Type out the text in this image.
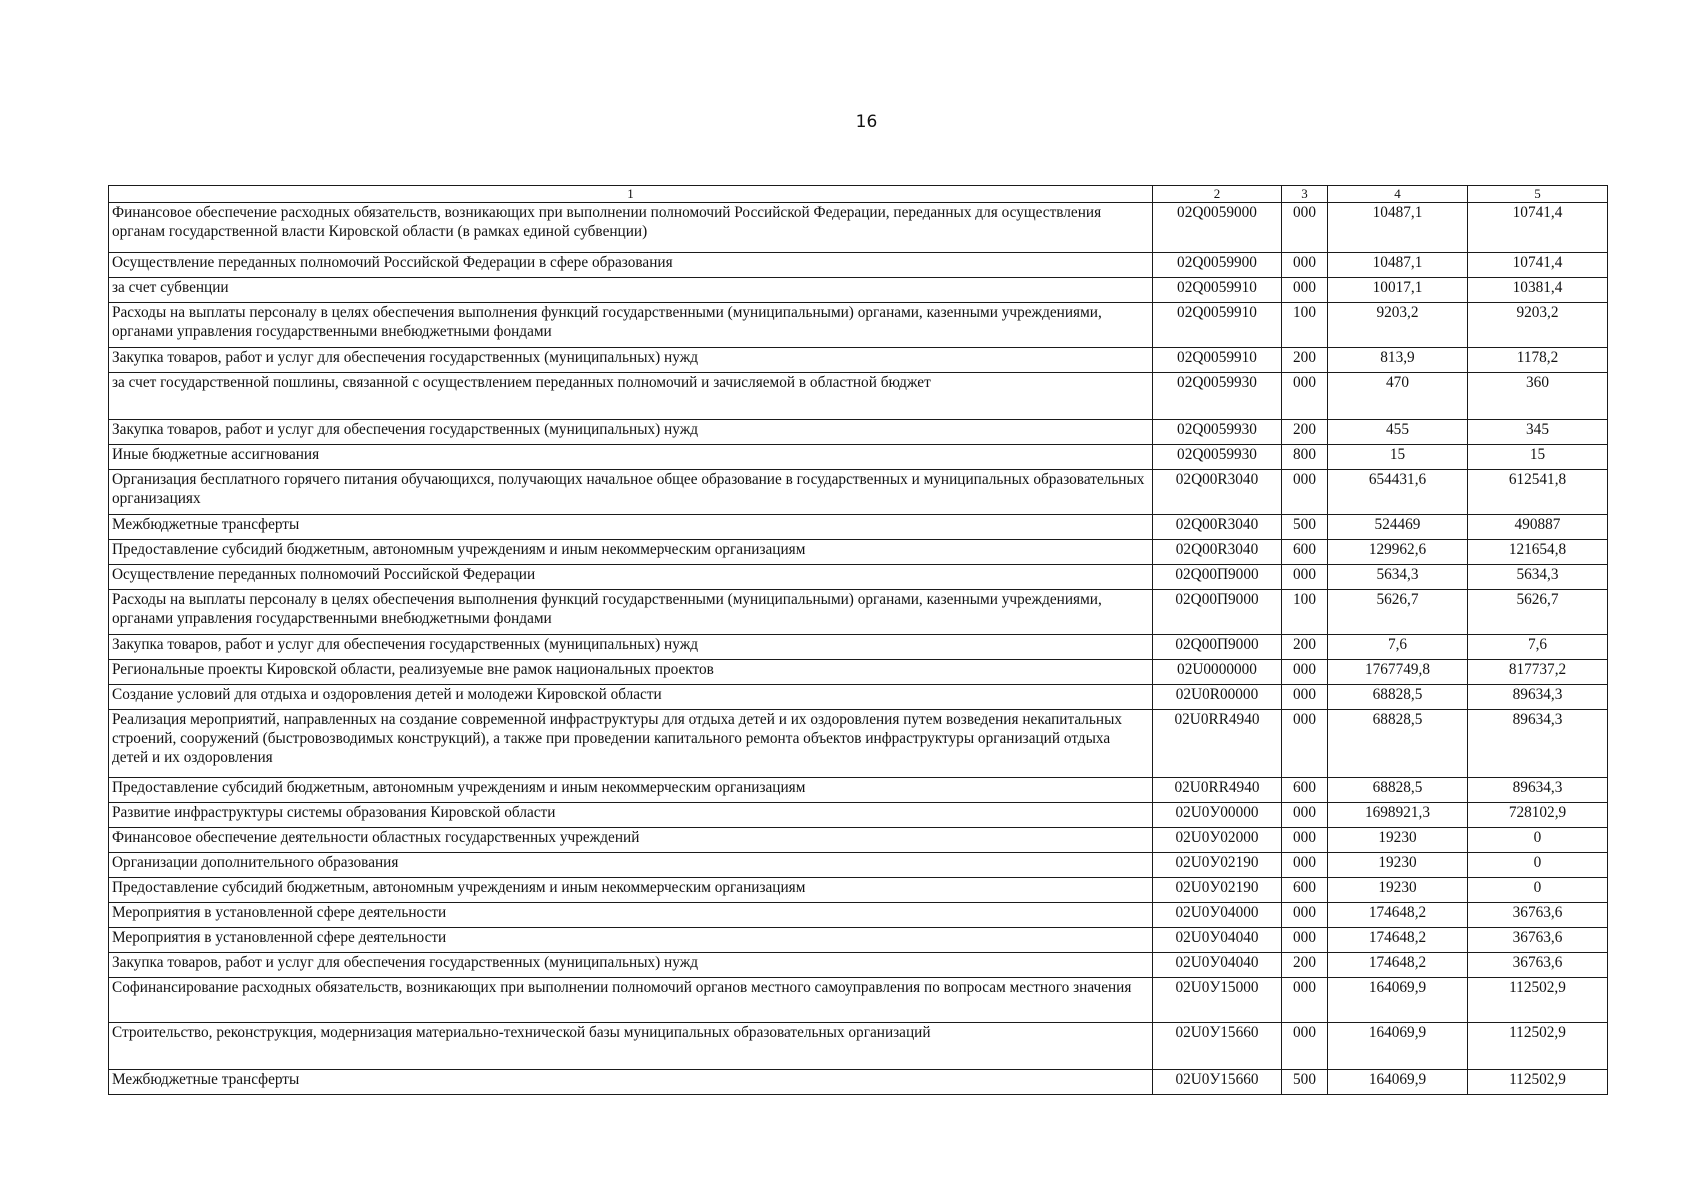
16
1	2	3	4	5
Финансовое обеспечение расходных обязательств, возникающих при выполнении полномочий Российской Федерации, переданных для осуществления органам государственной власти Кировской области (в рамках единой субвенции)	02Q0059000	000	10487,1	10741,4
Осуществление переданных полномочий Российской Федерации в сфере образования	02Q0059900	000	10487,1	10741,4
за счет субвенции	02Q0059910	000	10017,1	10381,4
Расходы на выплаты персоналу в целях обеспечения выполнения функций государственными (муниципальными) органами, казенными учреждениями, органами управления государственными внебюджетными фондами	02Q0059910	100	9203,2	9203,2
Закупка товаров, работ и услуг для обеспечения государственных (муниципальных) нужд	02Q0059910	200	813,9	1178,2
за счет государственной пошлины, связанной с осуществлением переданных полномочий и зачисляемой в областной бюджет	02Q0059930	000	470	360
Закупка товаров, работ и услуг для обеспечения государственных (муниципальных) нужд	02Q0059930	200	455	345
Иные бюджетные ассигнования	02Q0059930	800	15	15
Организация бесплатного горячего питания обучающихся, получающих начальное общее образование в государственных и муниципальных образовательных организациях	02Q00R3040	000	654431,6	612541,8
Межбюджетные трансферты	02Q00R3040	500	524469	490887
Предоставление субсидий бюджетным, автономным учреждениям и иным некоммерческим организациям	02Q00R3040	600	129962,6	121654,8
Осуществление переданных полномочий Российской Федерации	02Q00П9000	000	5634,3	5634,3
Расходы на выплаты персоналу в целях обеспечения выполнения функций государственными (муниципальными) органами, казенными учреждениями, органами управления государственными внебюджетными фондами	02Q00П9000	100	5626,7	5626,7
Закупка товаров, работ и услуг для обеспечения государственных (муниципальных) нужд	02Q00П9000	200	7,6	7,6
Региональные проекты Кировской области, реализуемые вне рамок национальных проектов	02U0000000	000	1767749,8	817737,2
Создание условий для отдыха и оздоровления детей и молодежи Кировской области	02U0R00000	000	68828,5	89634,3
Реализация мероприятий, направленных на создание современной инфраструктуры для отдыха детей и их оздоровления путем возведения некапитальных строений, сооружений (быстровозводимых конструкций), а также при проведении капитального ремонта объектов инфраструктуры организаций отдыха детей и их оздоровления	02U0RR4940	000	68828,5	89634,3
Предоставление субсидий бюджетным, автономным учреждениям и иным некоммерческим организациям	02U0RR4940	600	68828,5	89634,3
Развитие инфраструктуры системы образования Кировской области	02U0У00000	000	1698921,3	728102,9
Финансовое обеспечение деятельности областных государственных учреждений	02U0У02000	000	19230	0
Организации дополнительного образования	02U0У02190	000	19230	0
Предоставление субсидий бюджетным, автономным учреждениям и иным некоммерческим организациям	02U0У02190	600	19230	0
Мероприятия в установленной сфере деятельности	02U0У04000	000	174648,2	36763,6
Мероприятия в установленной сфере деятельности	02U0У04040	000	174648,2	36763,6
Закупка товаров, работ и услуг для обеспечения государственных (муниципальных) нужд	02U0У04040	200	174648,2	36763,6
Софинансирование расходных обязательств, возникающих при выполнении полномочий органов местного самоуправления по вопросам местного значения	02U0У15000	000	164069,9	112502,9
Строительство, реконструкция, модернизация материально-технической базы муниципальных образовательных организаций	02U0У15660	000	164069,9	112502,9
Межбюджетные трансферты	02U0У15660	500	164069,9	112502,9
